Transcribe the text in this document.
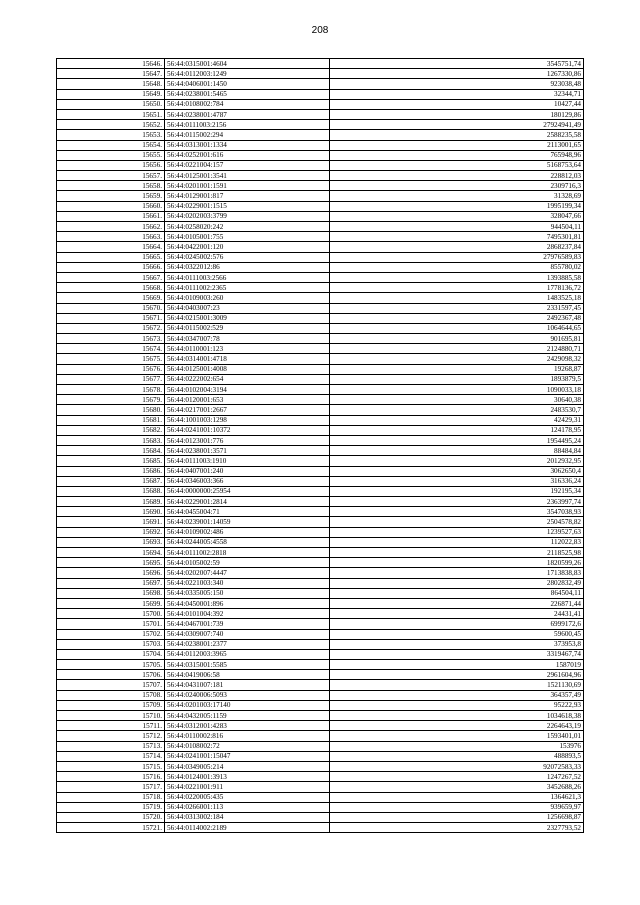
208
15646.	56:44:0315001:4604	3545751,74
15647.	56:44:0112003:1249	1267330,86
15648.	56:44:0406001:1450	923038,48
15649.	56:44:0238001:5465	32344,71
15650.	56:44:0108002:784	10427,44
15651.	56:44:0238001:4787	180129,86
15652.	56:44:0111003:2156	27924941,49
15653.	56:44:0115002:294	2588235,58
15654.	56:44:0313001:1334	2113001,65
15655.	56:44:0252001:616	765948,96
15656.	56:44:0221004:157	5168753,64
15657.	56:44:0125001:3541	228812,03
15658.	56:44:0201001:1591	2309716,3
15659.	56:44:0129001:817	31328,69
15660.	56:44:0229001:1515	1995199,34
15661.	56:44:0202003:3799	328047,66
15662.	56:44:0258020:242	944504,11
15663.	56:44:0105001:755	7495301,81
15664.	56:44:0422001:120	2868237,84
15665.	56:44:0245002:576	27976589,83
15666.	56:44:0322012:86	855780,02
15667.	56:44:0111003:2566	1393885,58
15668.	56:44:0111002:2365	1778136,72
15669.	56:44:0109003:260	1483525,18
15670.	56:44:0403007:23	2331597,45
15671.	56:44:0215001:3009	2492367,48
15672.	56:44:0115002:529	1064644,65
15673.	56:44:0347007:78	901695,81
15674.	56:44:0110001:123	2124880,71
15675.	56:44:0314001:4718	2429098,32
15676.	56:44:0125001:4008	19268,87
15677.	56:44:0222002:654	1893879,5
15678.	56:44:0102004:3194	1090033,18
15679.	56:44:0120001:653	30640,38
15680.	56:44:0217001:2667	2483530,7
15681.	56:44:1001003:1298	42429,31
15682.	56:44:0241001:10372	124178,95
15683.	56:44:0123001:776	1954495,24
15684.	56:44:0238001:3571	88484,84
15685.	56:44:0111003:1910	2012932,95
15686.	56:44:0407001:240	3062650,4
15687.	56:44:0346003:366	316336,24
15688.	56:44:0000000:25954	192195,34
15689.	56:44:0229001:2814	2363997,74
15690.	56:44:0455004:71	3547038,93
15691.	56:44:0239001:14059	2504578,82
15692.	56:44:0109002:486	1239527,63
15693.	56:44:0244005:4558	112022,83
15694.	56:44:0111002:2818	2118525,98
15695.	56:44:0105002:59	1820599,26
15696.	56:44:0202007:4447	1713838,83
15697.	56:44:0221003:340	2802832,49
15698.	56:44:0335005:150	864504,11
15699.	56:44:0450001:896	226871,44
15700.	56:44:0101004:392	24431,41
15701.	56:44:0467001:739	6999172,6
15702.	56:44:0309007:740	59600,45
15703.	56:44:0238001:2377	373953,8
15704.	56:44:0112003:3965	3319467,74
15705.	56:44:0315001:5585	1587019
15706.	56:44:0419006:58	2961604,96
15707.	56:44:0431007:181	1521130,69
15708.	56:44:0240006:5093	364357,49
15709.	56:44:0201003:17140	95222,93
15710.	56:44:0432005:1159	1034618,38
15711.	56:44:0312001:4283	2264643,19
15712.	56:44:0110002:816	1593401,01
15713.	56:44:0108002:72	153976
15714.	56:44:0241001:15047	488893,5
15715.	56:44:0349005:214	92072583,33
15716.	56:44:0124001:3913	1247267,52
15717.	56:44:0221001:911	3452688,26
15718.	56:44:0220005:435	1364621,3
15719.	56:44:0266001:113	939659,97
15720.	56:44:0313002:184	1256698,87
15721.	56:44:0114002:2189	2327793,52
